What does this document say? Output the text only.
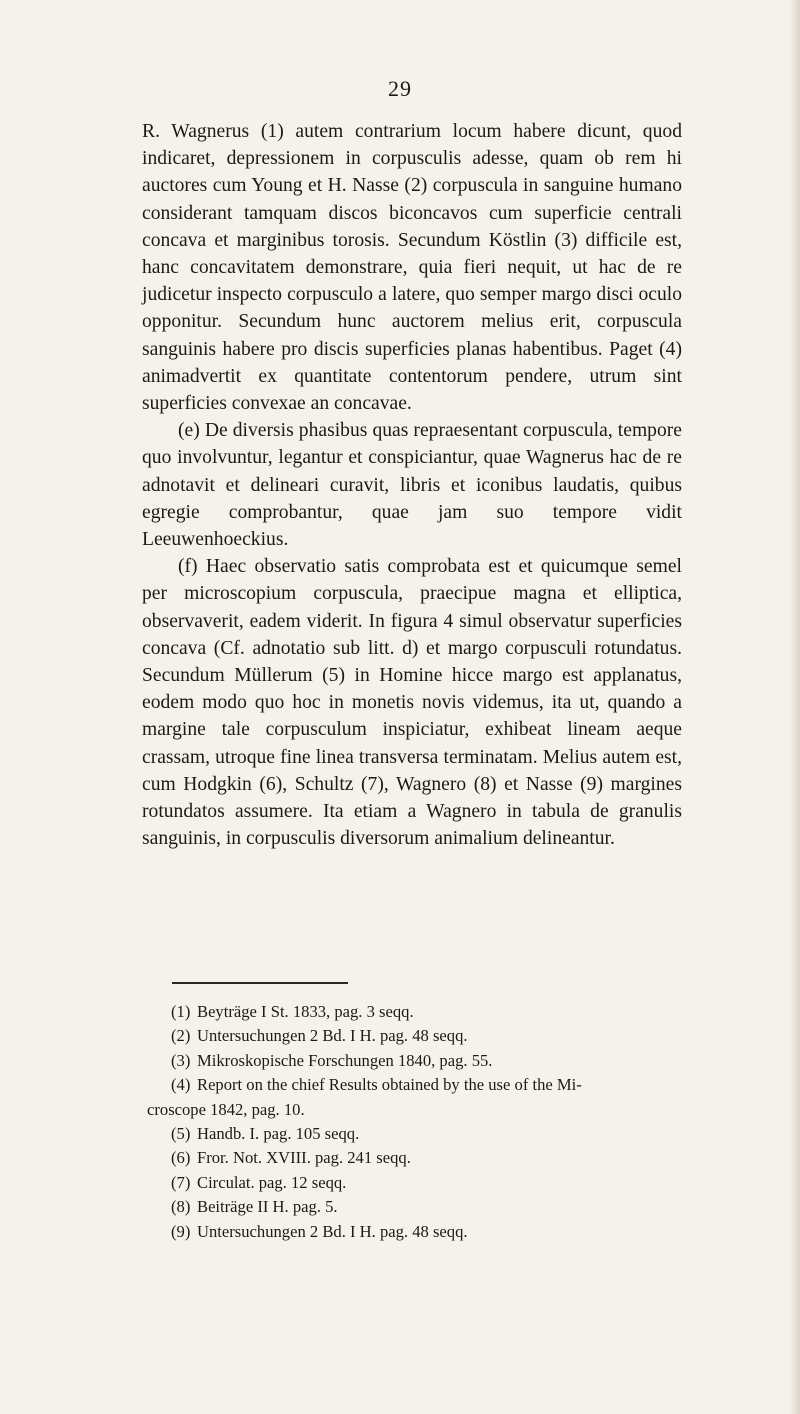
29

R. Wagnerus (1) autem contrarium locum habere dicunt, quod indicaret, depressionem in corpusculis adesse, quam ob rem hi auctores cum Young et H. Nasse (2) corpuscula in sanguine humano considerant tamquam discos biconcavos cum superficie centrali concava et marginibus torosis. Secundum Köstlin (3) difficile est, hanc concavitatem demonstrare, quia fieri nequit, ut hac de re judicetur inspecto corpusculo a latere, quo semper margo disci oculo opponitur. Secundum hunc auctorem melius erit, corpuscula sanguinis habere pro discis superficies planas habentibus. Paget (4) animadvertit ex quantitate contentorum pendere, utrum sint superficies convexae an concavae.

(e) De diversis phasibus quas repraesentant corpuscula, tempore quo involvuntur, legantur et conspiciantur, quae Wagnerus hac de re adnotavit et delineari curavit, libris et iconibus laudatis, quibus egregie comprobantur, quae jam suo tempore vidit Leeuwenhoeckius.

(f) Haec observatio satis comprobata est et quicumque semel per microscopium corpuscula, praecipue magna et elliptica, observaverit, eadem viderit. In figura 4 simul observatur superficies concava (Cf. adnotatio sub litt. d) et margo corpusculi rotundatus. Secundum Müllerum (5) in Homine hicce margo est applanatus, eodem modo quo hoc in monetis novis videmus, ita ut, quando a margine tale corpusculum inspiciatur, exhibeat lineam aeque crassam, utroque fine linea transversa terminatam. Melius autem est, cum Hodgkin (6), Schultz (7), Wagnero (8) et Nasse (9) margines rotundatos assumere. Ita etiam a Wagnero in tabula de granulis sanguinis, in corpusculis diversorum animalium delineantur.

(1) Beyträge I St. 1833, pag. 3 seqq.

(2) Untersuchungen 2 Bd. I H. pag. 48 seqq.

(3) Mikroskopische Forschungen 1840, pag. 55.

(4) Report on the chief Results obtained by the use of the Mi-

croscope 1842, pag. 10.

(5) Handb. I. pag. 105 seqq.

(6) Fror. Not. XVIII. pag. 241 seqq.

(7) Circulat. pag. 12 seqq.

(8) Beiträge II H. pag. 5.

(9) Untersuchungen 2 Bd. I H. pag. 48 seqq.
